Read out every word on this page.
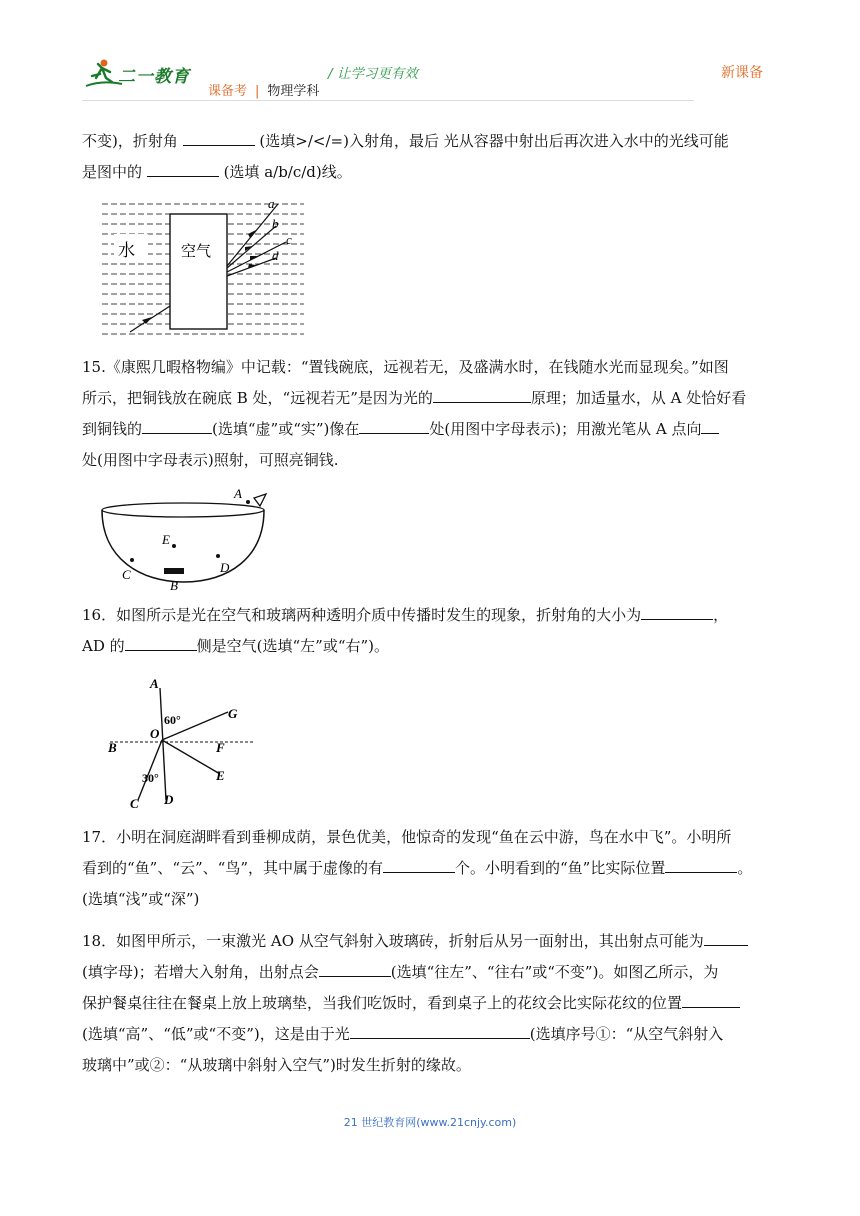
二一教育	/ 让学习更有效	新课备
课备考 | 物理学科
不变)，折射角	(选填>/</=)入射角，最后 光从容器中射出后再次进入水中的光线可能
是图中的	(选填 a/b/c/d)线。
水	空气
a
b
c
d
15.《康熙几暇格物编》中记载：“置钱碗底，远视若无，及盛满水时，在钱随水光而显现矣。”如图
所示，把铜钱放在碗底 B 处，“远视若无”是因为光的	原理；加适量水，从 A 处恰好看
到铜钱的	(选填“虚”或“实”)像在	处(用图中字母表示)；用激光笔从 A 点向
处(用图中字母表示)照射，可照亮铜钱.
A
E
C
B
D
16．如图所示是光在空气和玻璃两种透明介质中传播时发生的现象，折射角的大小为	，
AD 的	侧是空气(选填“左”或“右”)。
A
G
O
60°
B	F
30°	E
C D
17．小明在洞庭湖畔看到垂柳成荫，景色优美，他惊奇的发现“鱼在云中游，鸟在水中飞”。小明所
看到的“鱼”、“云”、“鸟”，其中属于虚像的有	个。小明看到的“鱼”比实际位置	。
(选填“浅”或“深”)
18．如图甲所示，一束激光 AO 从空气斜射入玻璃砖，折射后从另一面射出，其出射点可能为
(填字母)；若增大入射角，出射点会	(选填“往左”、“往右”或“不变”)。如图乙所示，为
保护餐桌往往在餐桌上放上玻璃垫，当我们吃饭时，看到桌子上的花纹会比实际花纹的位置
(选填“高”、“低”或“不变”)，这是由于光	(选填序号①：“从空气斜射入
玻璃中”或②：“从玻璃中斜射入空气”)时发生折射的缘故。
21 世纪教育网(www.21cnjy.com)
